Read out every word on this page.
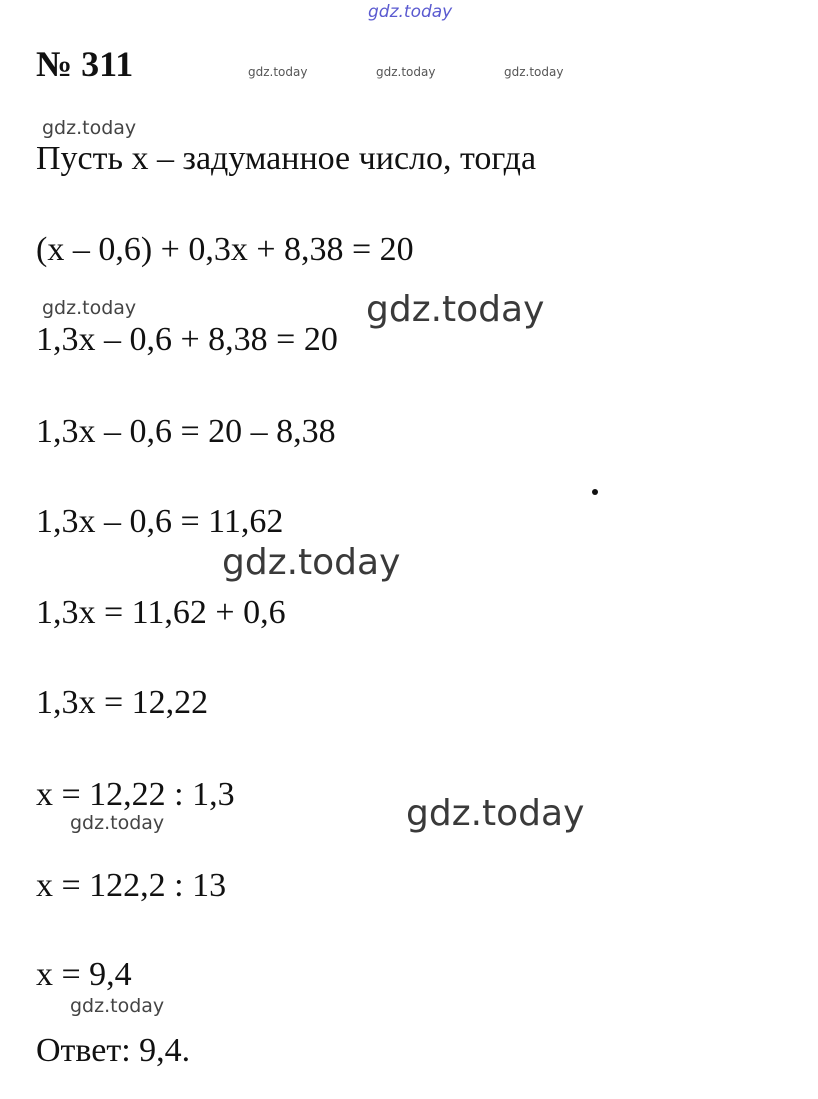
gdz.today
gdz.today	gdz.today	gdz.today
gdz.today
gdz.today	gdz.today
gdz.today
gdz.today
gdz.today
gdz.today
№ 311
Пусть x – задуманное число, тогда
(x – 0,6) + 0,3x + 8,38 = 20
1,3x – 0,6 + 8,38 = 20
1,3x – 0,6 = 20 – 8,38
1,3x – 0,6 = 11,62
1,3x = 11,62 + 0,6
1,3x = 12,22
x = 12,22 : 1,3
x = 122,2 : 13
x = 9,4
Ответ: 9,4.
